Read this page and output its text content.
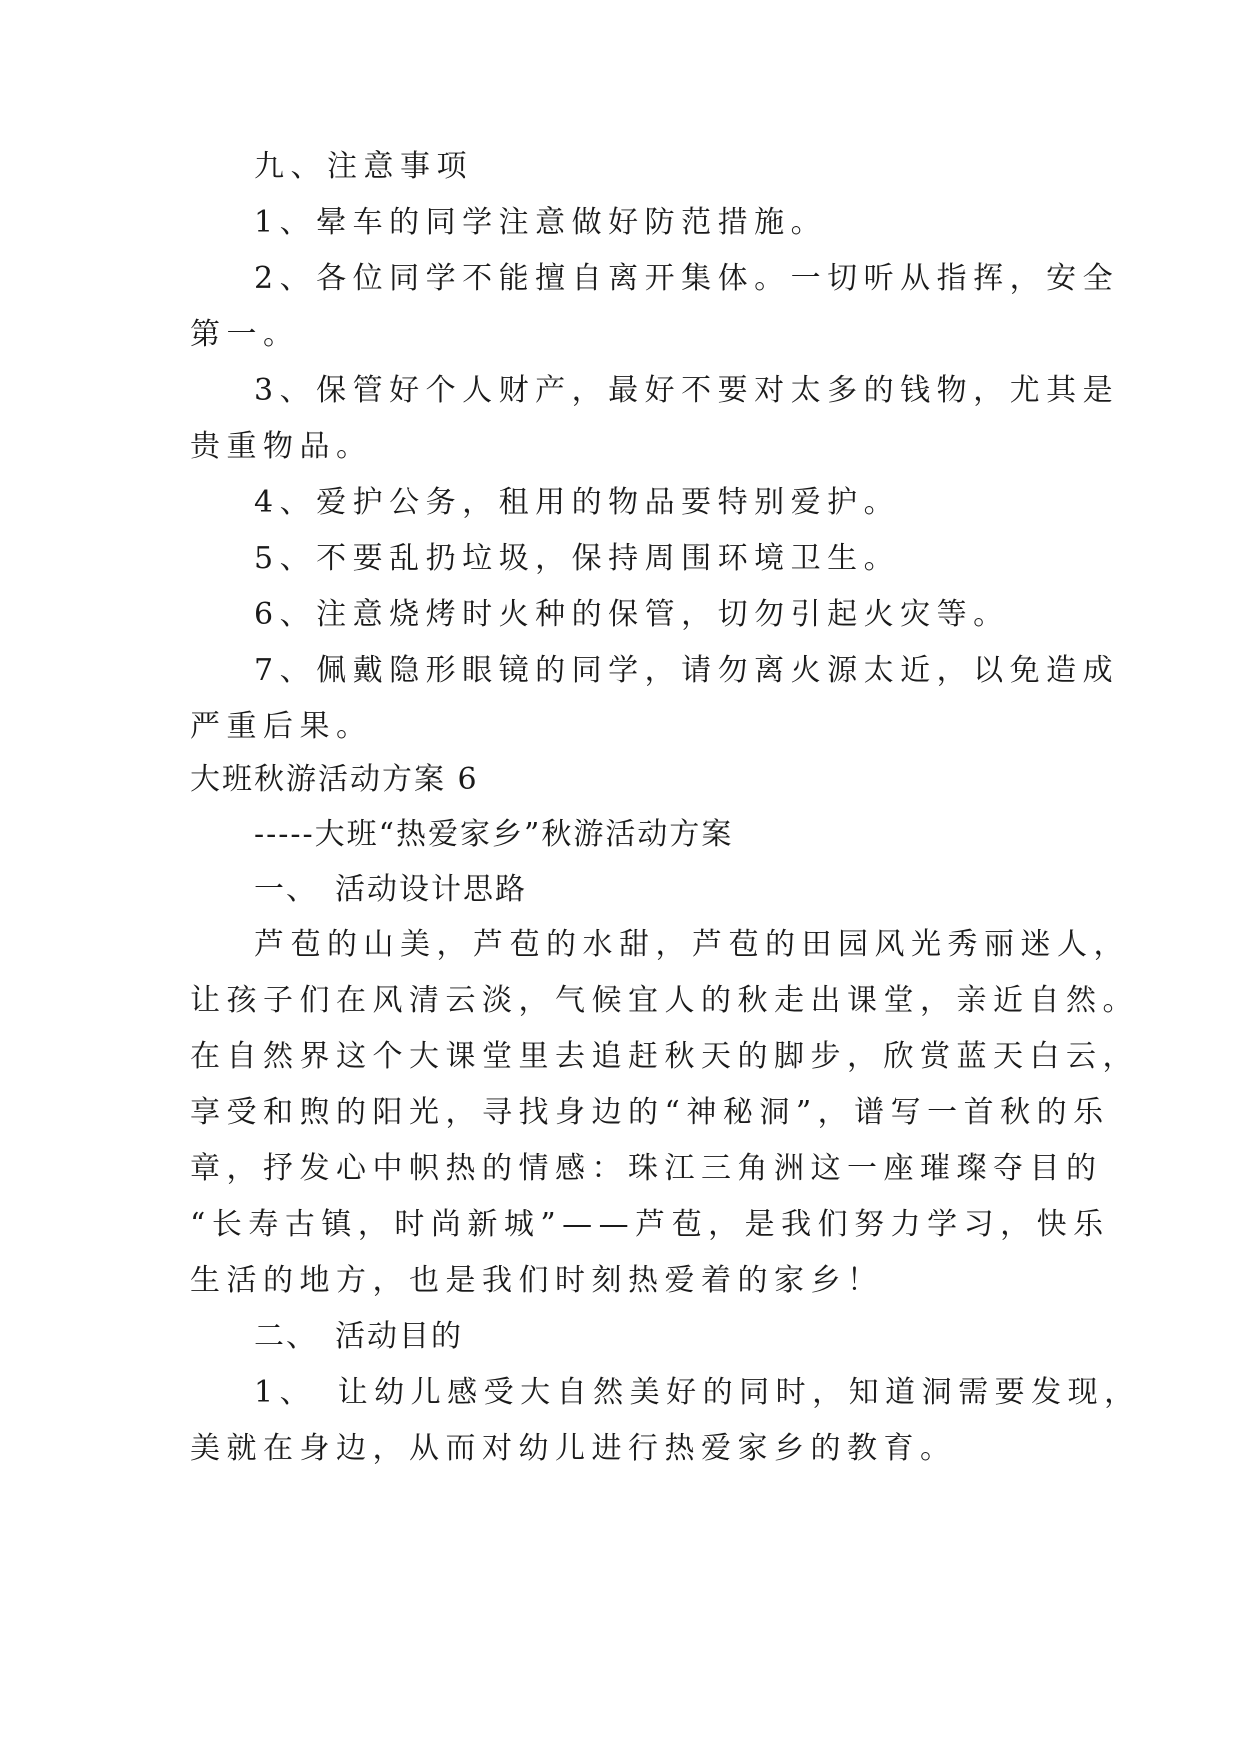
九、注意事项
1、晕车的同学注意做好防范措施。
2、各位同学不能擅自离开集体。一切听从指挥，安全
第一。
3、保管好个人财产，最好不要对太多的钱物，尤其是
贵重物品。
4、爱护公务，租用的物品要特别爱护。
5、不要乱扔垃圾，保持周围环境卫生。
6、注意烧烤时火种的保管，切勿引起火灾等。
7、佩戴隐形眼镜的同学，请勿离火源太近，以免造成
严重后果。
大班秋游活动方案 6
-----大班“热爱家乡”秋游活动方案
一、　活动设计思路
芦苞的山美，芦苞的水甜，芦苞的田园风光秀丽迷人，
让孩子们在风清云淡，气候宜人的秋走出课堂，亲近自然。
在自然界这个大课堂里去追赶秋天的脚步，欣赏蓝天白云，
享受和煦的阳光，寻找身边的“神秘洞”，谱写一首秋的乐
章，抒发心中帜热的情感：珠江三角洲这一座璀璨夺目的
“长寿古镇，时尚新城”——芦苞，是我们努力学习，快乐
生活的地方，也是我们时刻热爱着的家乡！
二、　活动目的
1、　让幼儿感受大自然美好的同时，知道洞需要发现，
美就在身边，从而对幼儿进行热爱家乡的教育。
